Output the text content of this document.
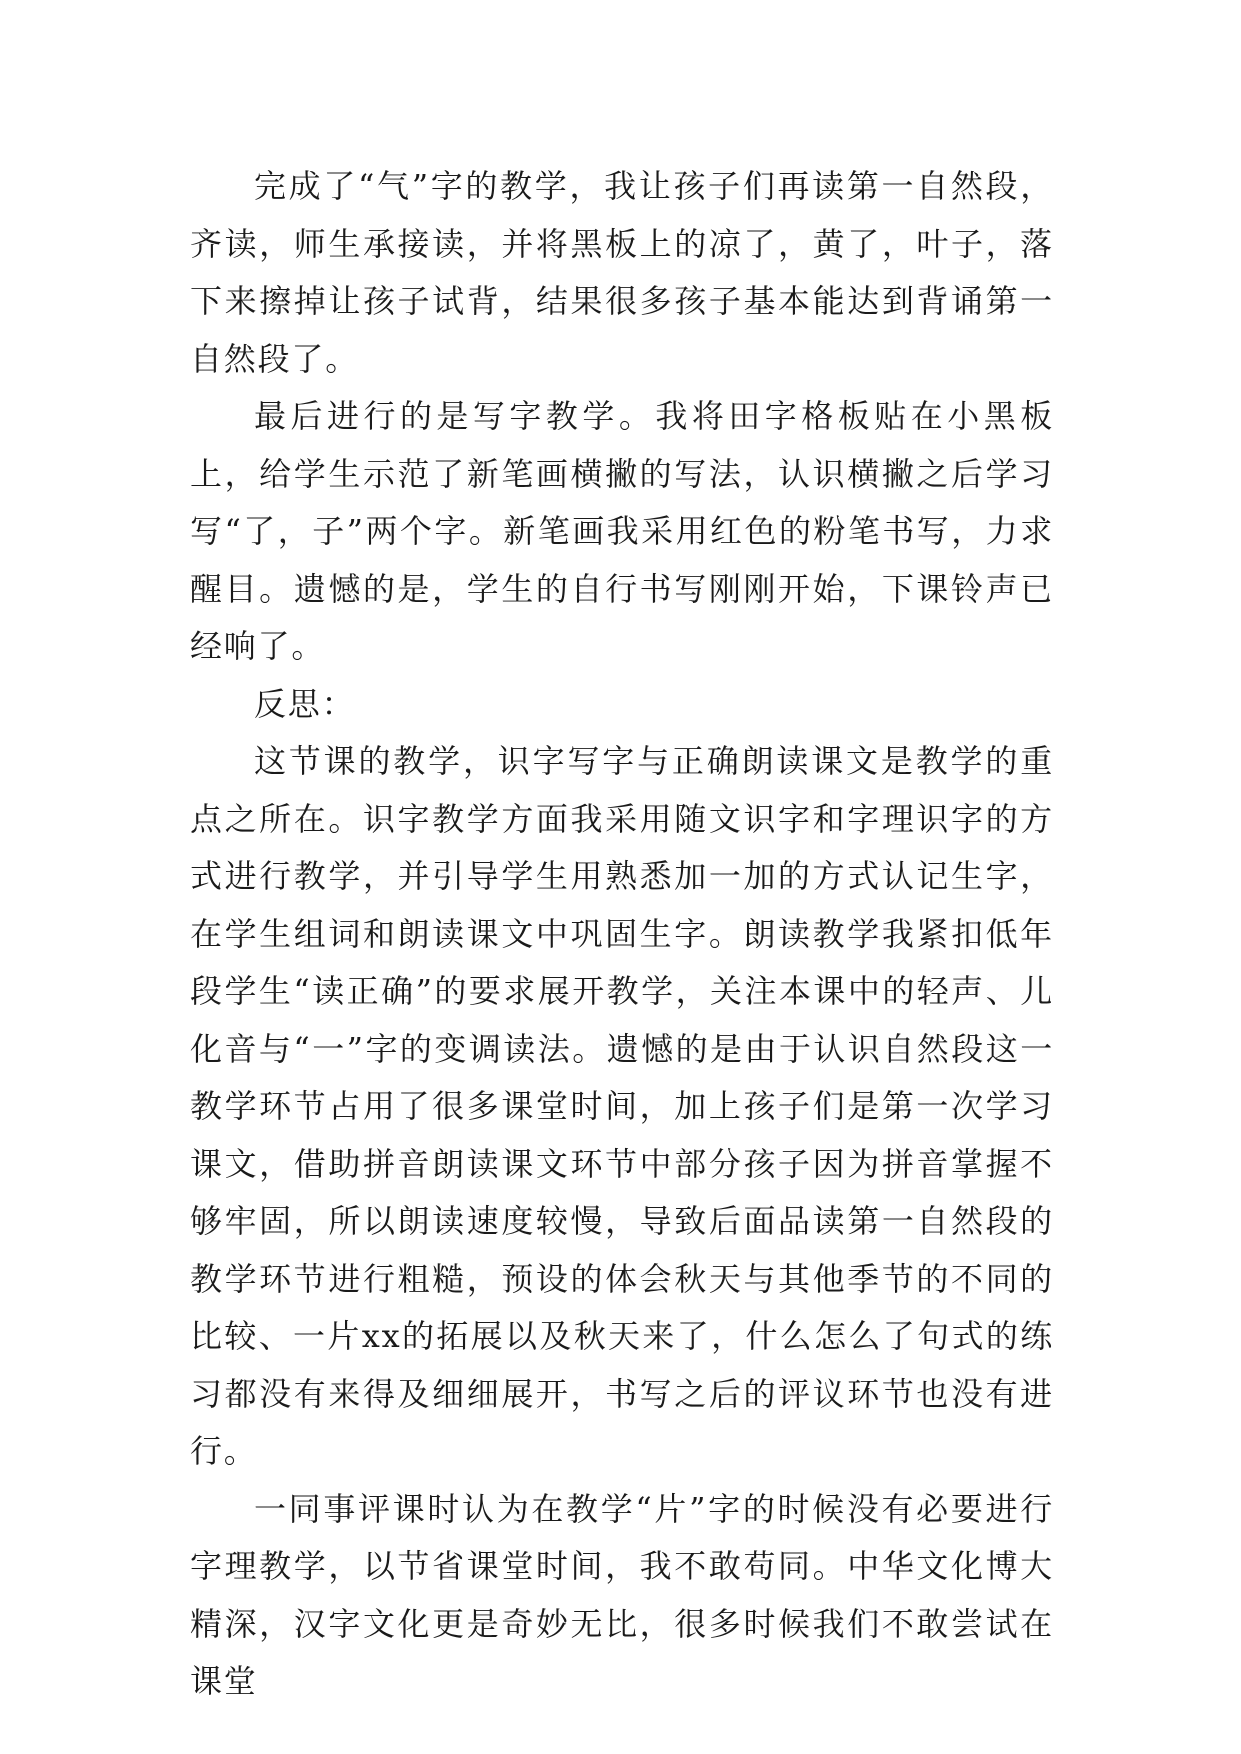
完成了“气”字的教学，我让孩子们再读第一自然段，齐读，师生承接读，并将黑板上的凉了，黄了，叶子，落下来擦掉让孩子试背，结果很多孩子基本能达到背诵第一自然段了。

最后进行的是写字教学。我将田字格板贴在小黑板上，给学生示范了新笔画横撇的写法，认识横撇之后学习写“了，子”两个字。新笔画我采用红色的粉笔书写，力求醒目。遗憾的是，学生的自行书写刚刚开始，下课铃声已经响了。

反思：

这节课的教学，识字写字与正确朗读课文是教学的重点之所在。识字教学方面我采用随文识字和字理识字的方式进行教学，并引导学生用熟悉加一加的方式认记生字，在学生组词和朗读课文中巩固生字。朗读教学我紧扣低年段学生“读正确”的要求展开教学，关注本课中的轻声、儿化音与“一”字的变调读法。遗憾的是由于认识自然段这一教学环节占用了很多课堂时间，加上孩子们是第一次学习课文，借助拼音朗读课文环节中部分孩子因为拼音掌握不够牢固，所以朗读速度较慢，导致后面品读第一自然段的教学环节进行粗糙，预设的体会秋天与其他季节的不同的比较、一片xx的拓展以及秋天来了，什么怎么了句式的练习都没有来得及细细展开，书写之后的评议环节也没有进行。

一同事评课时认为在教学“片”字的时候没有必要进行字理教学，以节省课堂时间，我不敢苟同。中华文化博大精深，汉字文化更是奇妙无比，很多时候我们不敢尝试在课堂
